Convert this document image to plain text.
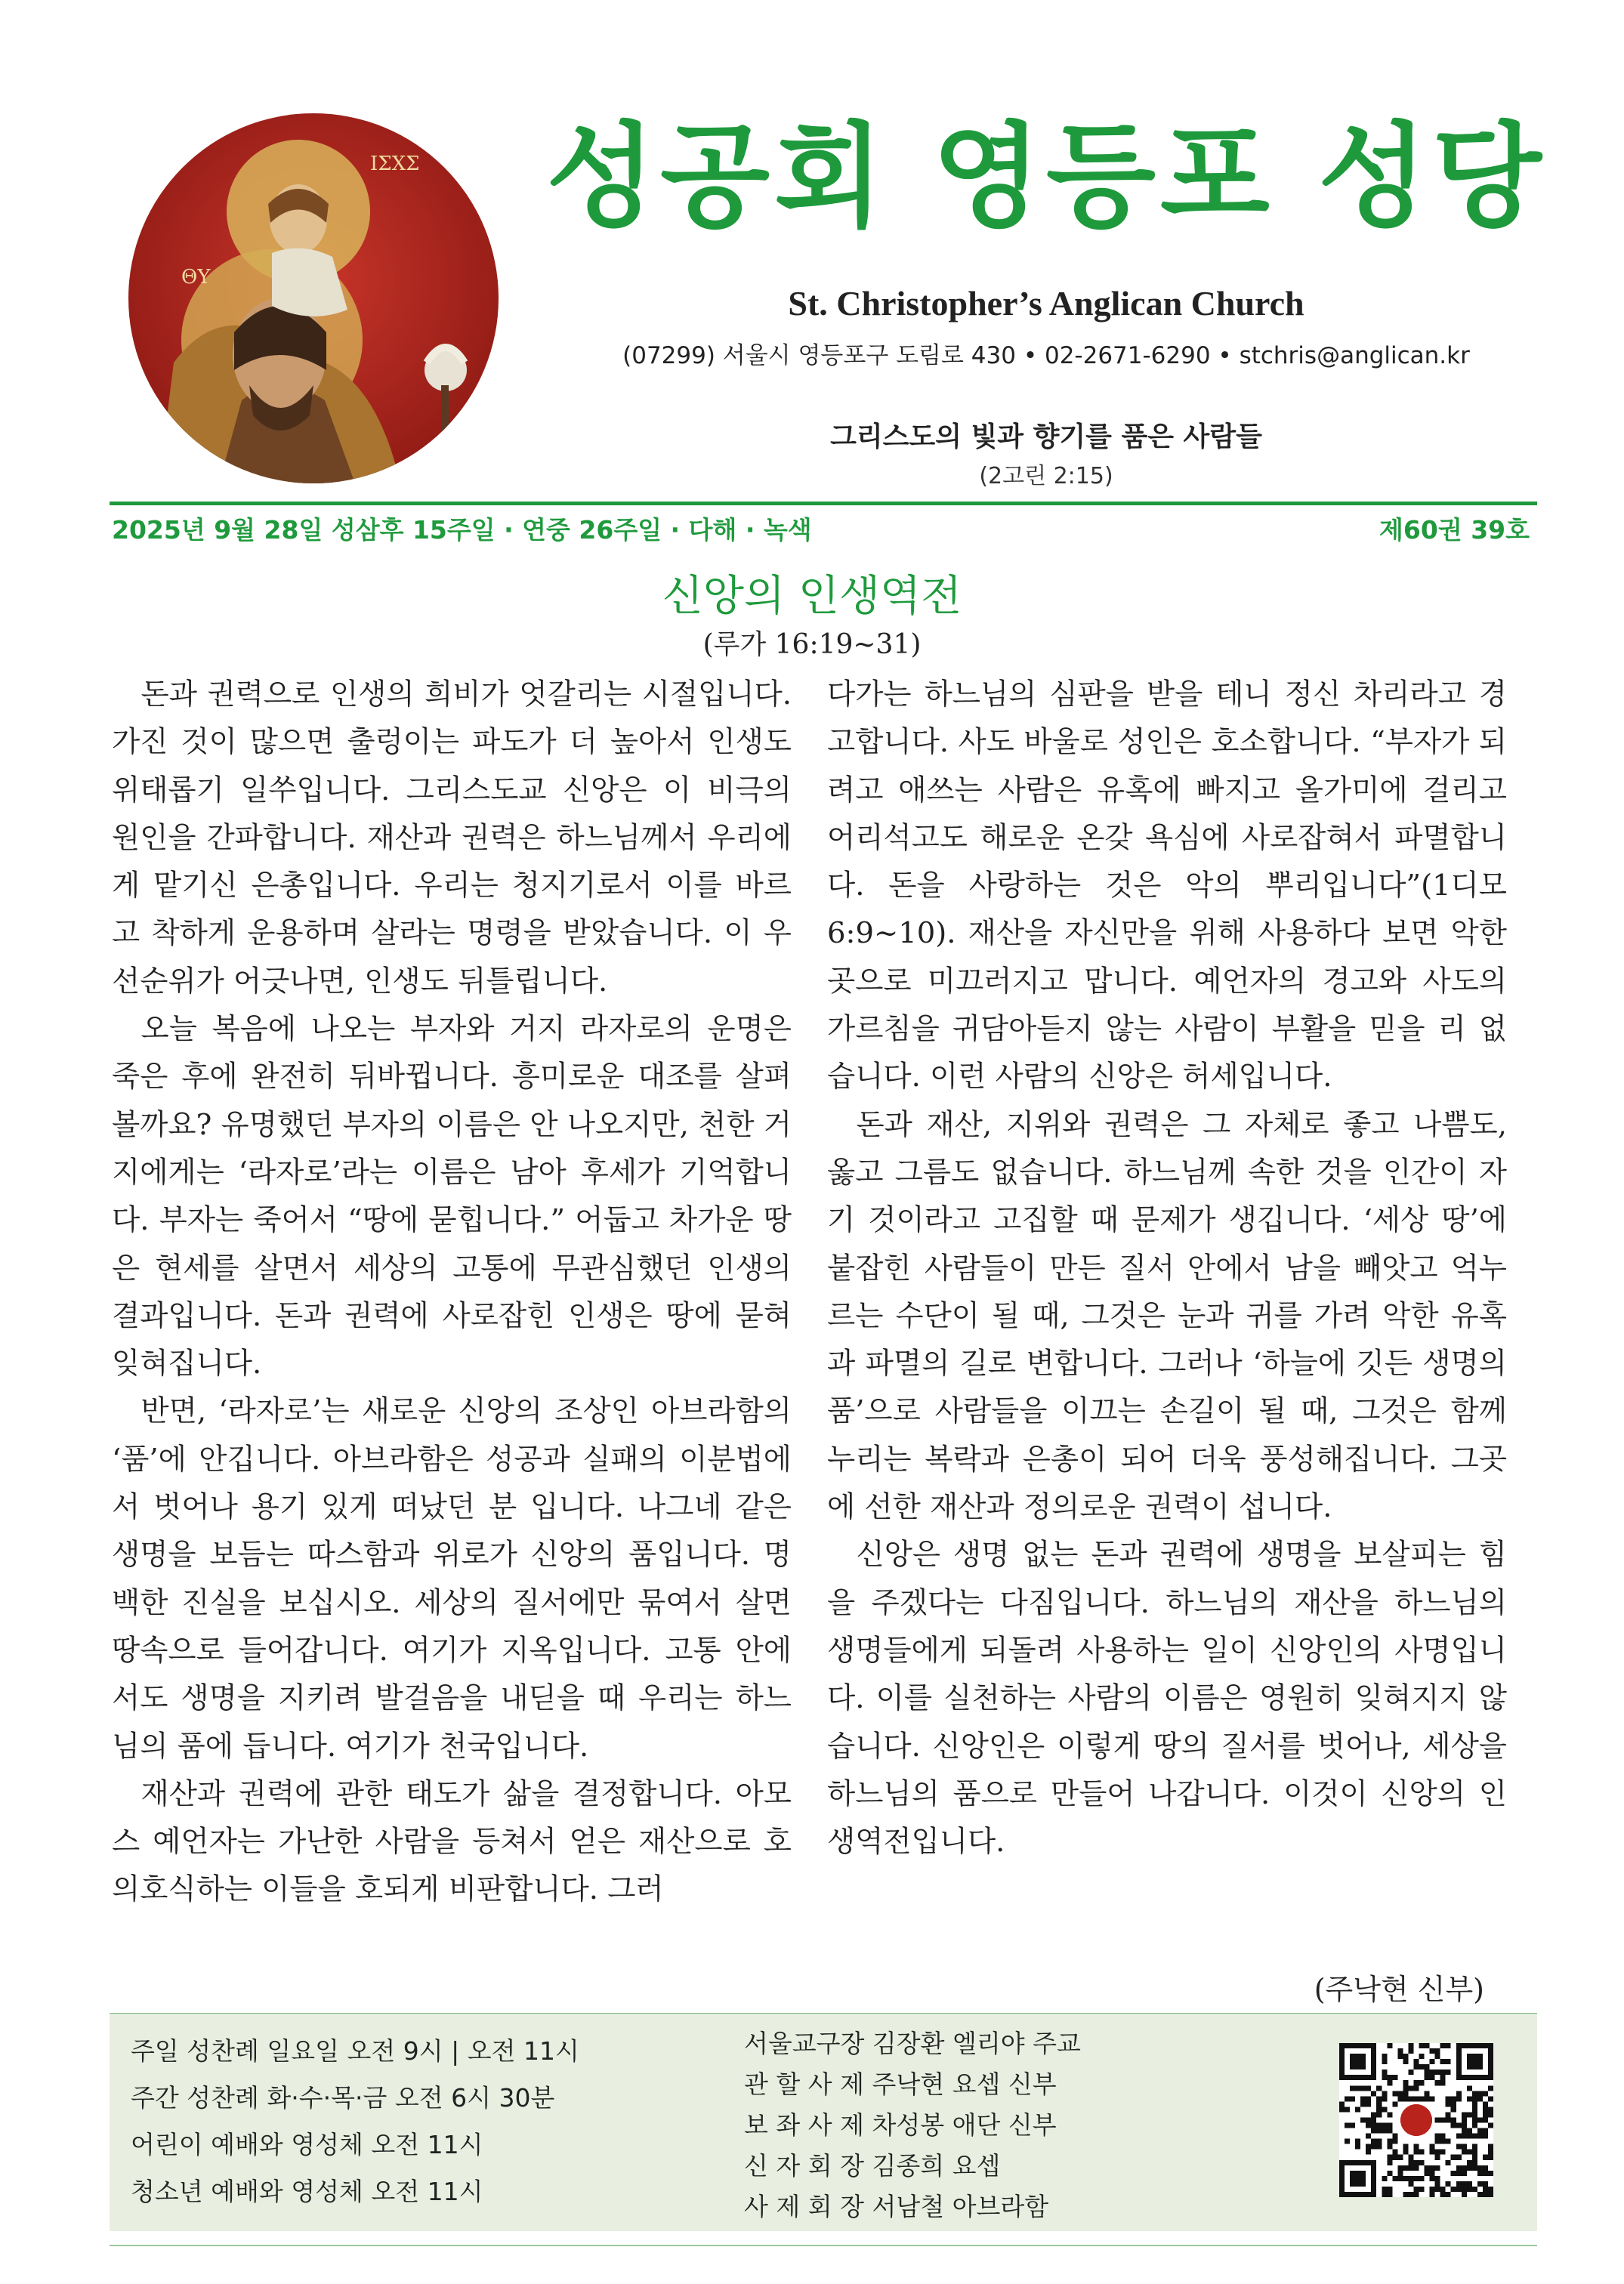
ΙΣΧΣ
ΘΥ
성공회 영등포 성당
St. Christopher’s Anglican Church
(07299) 서울시 영등포구 도림로 430 • 02-2671-6290 • stchris@anglican.kr
그리스도의 빛과 향기를 품은 사람들
(2고린 2:15)
2025년 9월 28일 성삼후 15주일 · 연중 26주일 · 다해 · 녹색	제60권 39호
신앙의 인생역전
(루가 16:19~31)

돈과 권력으로 인생의 희비가 엇갈리는 시절입니다. 가진 것이 많으면 출렁이는 파도가 더 높아서 인생도 위태롭기 일쑤입니다. 그리스도교 신앙은 이 비극의 원인을 간파합니다. 재산과 권력은 하느님께서 우리에게 맡기신 은총입니다. 우리는 청지기로서 이를 바르고 착하게 운용하며 살라는 명령을 받았습니다. 이 우선순위가 어긋나면, 인생도 뒤틀립니다.

오늘 복음에 나오는 부자와 거지 라자로의 운명은 죽은 후에 완전히 뒤바뀝니다. 흥미로운 대조를 살펴볼까요? 유명했던 부자의 이름은 안 나오지만, 천한 거지에게는 ‘라자로’라는 이름은 남아 후세가 기억합니다. 부자는 죽어서 “땅에 묻힙니다.” 어둡고 차가운 땅은 현세를 살면서 세상의 고통에 무관심했던 인생의 결과입니다. 돈과 권력에 사로잡힌 인생은 땅에 묻혀 잊혀집니다.

반면, ‘라자로’는 새로운 신앙의 조상인 아브라함의 ‘품’에 안깁니다. 아브라함은 성공과 실패의 이분법에서 벗어나 용기 있게 떠났던 분 입니다. 나그네 같은 생명을 보듬는 따스함과 위로가 신앙의 품입니다. 명백한 진실을 보십시오. 세상의 질서에만 묶여서 살면 땅속으로 들어갑니다. 여기가 지옥입니다. 고통 안에서도 생명을 지키려 발걸음을 내딛을 때 우리는 하느님의 품에 듭니다. 여기가 천국입니다.

재산과 권력에 관한 태도가 삶을 결정합니다. 아모스 예언자는 가난한 사람을 등쳐서 얻은 재산으로 호의호식하는 이들을 호되게 비판합니다. 그러

다가는 하느님의 심판을 받을 테니 정신 차리라고 경고합니다. 사도 바울로 성인은 호소합니다. “부자가 되려고 애쓰는 사람은 유혹에 빠지고 올가미에 걸리고 어리석고도 해로운 온갖 욕심에 사로잡혀서 파멸합니다. 돈을 사랑하는 것은 악의 뿌리입니다”(1디모 6:9~10). 재산을 자신만을 위해 사용하다 보면 악한 곳으로 미끄러지고 맙니다. 예언자의 경고와 사도의 가르침을 귀담아듣지 않는 사람이 부활을 믿을 리 없습니다. 이런 사람의 신앙은 허세입니다.

돈과 재산, 지위와 권력은 그 자체로 좋고 나쁨도, 옳고 그름도 없습니다. 하느님께 속한 것을 인간이 자기 것이라고 고집할 때 문제가 생깁니다. ‘세상 땅’에 붙잡힌 사람들이 만든 질서 안에서 남을 빼앗고 억누르는 수단이 될 때, 그것은 눈과 귀를 가려 악한 유혹과 파멸의 길로 변합니다. 그러나 ‘하늘에 깃든 생명의 품’으로 사람들을 이끄는 손길이 될 때, 그것은 함께 누리는 복락과 은총이 되어 더욱 풍성해집니다. 그곳에 선한 재산과 정의로운 권력이 섭니다.

신앙은 생명 없는 돈과 권력에 생명을 보살피는 힘을 주겠다는 다짐입니다. 하느님의 재산을 하느님의 생명들에게 되돌려 사용하는 일이 신앙인의 사명입니다. 이를 실천하는 사람의 이름은 영원히 잊혀지지 않습니다. 신앙인은 이렇게 땅의 질서를 벗어나, 세상을 하느님의 품으로 만들어 나갑니다. 이것이 신앙의 인생역전입니다.

(주낙현 신부)
주일 성찬례 일요일 오전 9시 | 오전 11시
주간 성찬례 화·수·목·금 오전 6시 30분
어린이 예배와 영성체 오전 11시
청소년 예배와 영성체 오전 11시
서울교구장 김장환 엘리야 주교
관 할 사 제 주낙현 요셉 신부
보 좌 사 제 차성봉 애단 신부
신 자 회 장 김종희 요셉
사 제 회 장 서남철 아브라함
